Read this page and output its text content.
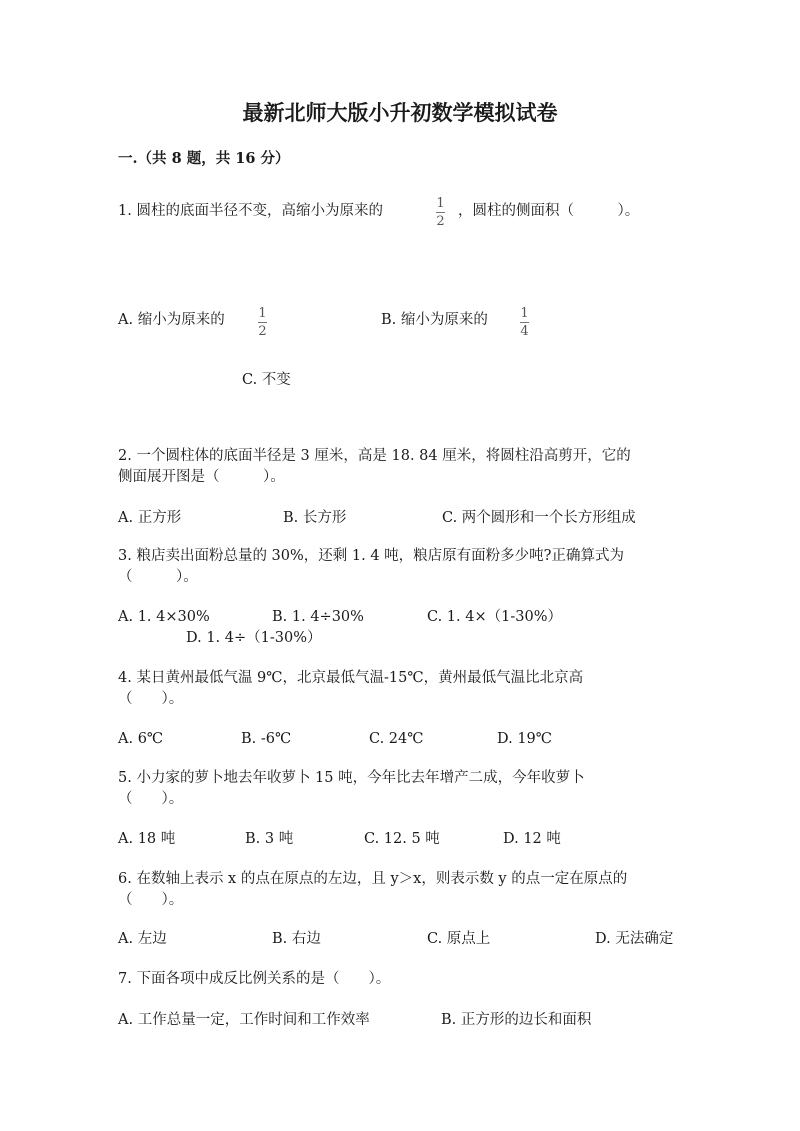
最新北师大版小升初数学模拟试卷
一.（共 8 题，共 16 分）
1. 圆柱的底面半径不变，高缩小为原来的	1
2
，圆柱的侧面积（　　　）。
A. 缩小为原来的	1
2
B. 缩小为原来的 1
4
C. 不变
2. 一个圆柱体的底面半径是 3 厘米，高是 18. 84 厘米，将圆柱沿高剪开，它的
侧面展开图是（　　　）。
A. 正方形	B. 长方形	C. 两个圆形和一个长方形组成
3. 粮店卖出面粉总量的 30%，还剩 1. 4 吨，粮店原有面粉多少吨?正确算式为
（　　　）。
A. 1. 4×30%	B. 1. 4÷30%	C. 1. 4×（1-30%）
D. 1. 4÷（1-30%）
4. 某日黄州最低气温 9℃，北京最低气温-15℃，黄州最低气温比北京高
（　　）。
A. 6℃	B. -6℃	C. 24℃	D. 19℃
5. 小力家的萝卜地去年收萝卜 15 吨，今年比去年增产二成，今年收萝卜
（　　）。
A. 18 吨	B. 3 吨	C. 12. 5 吨	D. 12 吨
6. 在数轴上表示 x 的点在原点的左边，且 y＞x，则表示数 y 的点一定在原点的
（　　）。
A. 左边	B. 右边	C. 原点上	D. 无法确定
7. 下面各项中成反比例关系的是（　　）。
A. 工作总量一定，工作时间和工作效率	B. 正方形的边长和面积
